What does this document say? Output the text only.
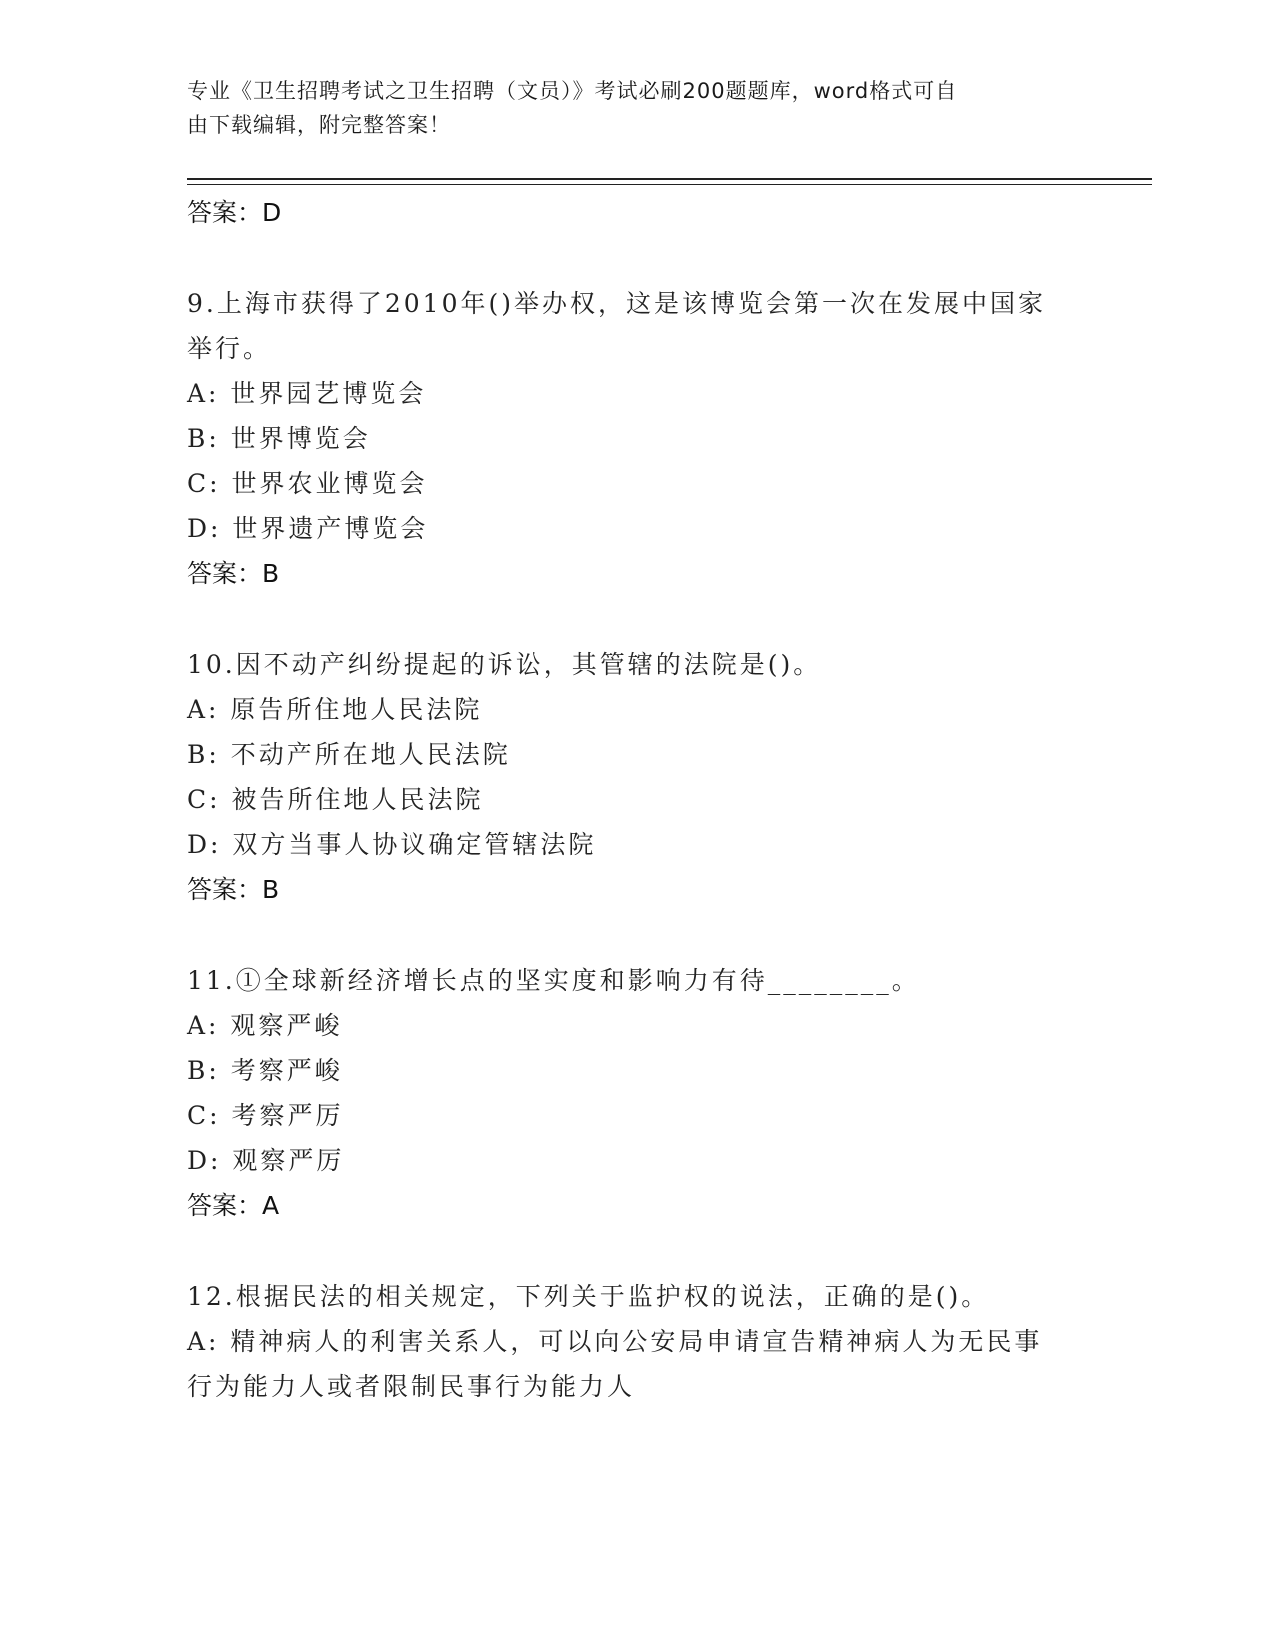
专业《卫生招聘考试之卫生招聘（文员）》考试必刷200题题库，word格式可自
由下载编辑，附完整答案！
答案：D
9.上海市获得了2010年()举办权，这是该博览会第一次在发展中国家
举行。
A: 世界园艺博览会
B: 世界博览会
C: 世界农业博览会
D: 世界遗产博览会
答案：B
10.因不动产纠纷提起的诉讼，其管辖的法院是()。
A: 原告所住地人民法院
B: 不动产所在地人民法院
C: 被告所住地人民法院
D: 双方当事人协议确定管辖法院
答案：B
11.①全球新经济增长点的坚实度和影响力有待________。
A: 观察严峻
B: 考察严峻
C: 考察严厉
D: 观察严厉
答案：A
12.根据民法的相关规定，下列关于监护权的说法，正确的是()。
A: 精神病人的利害关系人，可以向公安局申请宣告精神病人为无民事
行为能力人或者限制民事行为能力人
